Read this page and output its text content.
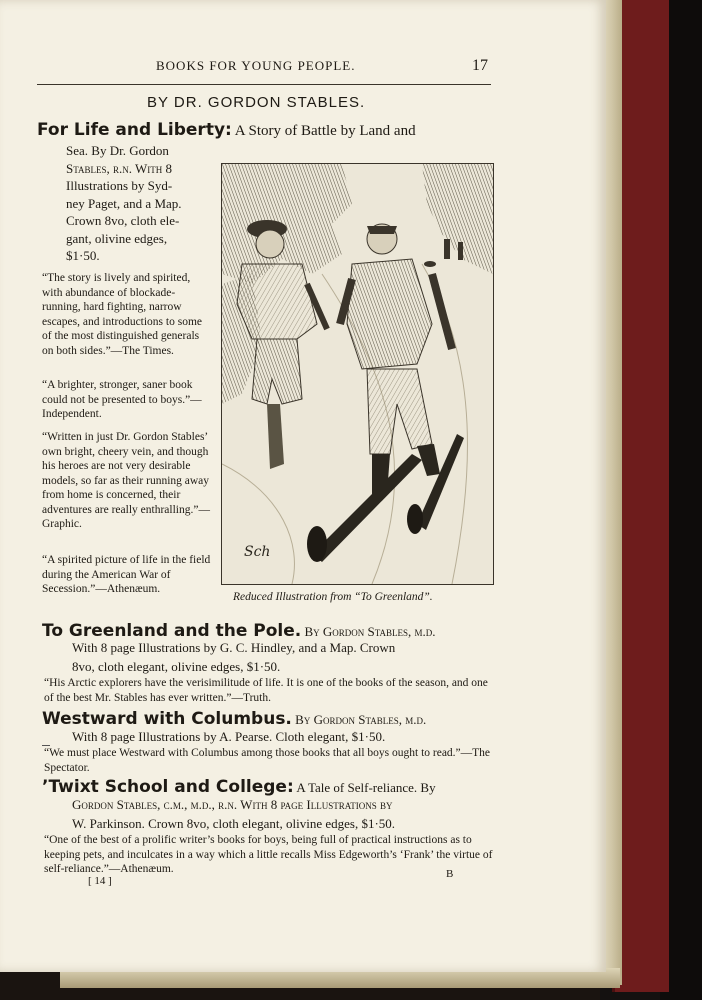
BOOKS FOR YOUNG PEOPLE.	17
BY DR. GORDON STABLES.
For Life and Liberty: A Story of Battle by Land and
Sea. By Dr. Gordon
Stables, r.n. With 8
Illustrations by Syd-
ney Paget, and a Map.
Crown 8vo, cloth ele-
gant, olivine edges,
$1·50.
“The story is lively and spirited, with abundance of blockade-running, hard fighting, narrow escapes, and introductions to some of the most distinguished generals on both sides.”—The Times.
“A brighter, stronger, saner book could not be presented to boys.”—Independent.
“Written in just Dr. Gordon Stables’ own bright, cheery vein, and though his heroes are not very desirable models, so far as their running away from home is concerned, their adventures are really enthralling.”—Graphic.
“A spirited picture of life in the field during the American War of Secession.”—Athenæum.
Sch
Reduced Illustration from “To Greenland”.
To Greenland and the Pole. By Gordon Stables, m.d.
With 8 page Illustrations by G. C. Hindley, and a Map. Crown
8vo, cloth elegant, olivine edges, $1·50.
“His Arctic explorers have the verisimilitude of life. It is one of the books of the season, and one of the best Mr. Stables has ever written.”—Truth.
Westward with Columbus. By Gordon Stables, m.d.
With 8 page Illustrations by A. Pearse. Cloth elegant, $1·50.
“We must place Westward with Columbus among those books that all boys ought to read.”—The Spectator.
’Twixt School and College: A Tale of Self-reliance. By
Gordon Stables, c.m., m.d., r.n. With 8 page Illustrations by
W. Parkinson. Crown 8vo, cloth elegant, olivine edges, $1·50.
“One of the best of a prolific writer’s books for boys, being full of practical instructions as to keeping pets, and inculcates in a way which a little recalls Miss Edgeworth’s ‘Frank’ the virtue of self-reliance.”—Athenæum.
[ 14 ]
B
